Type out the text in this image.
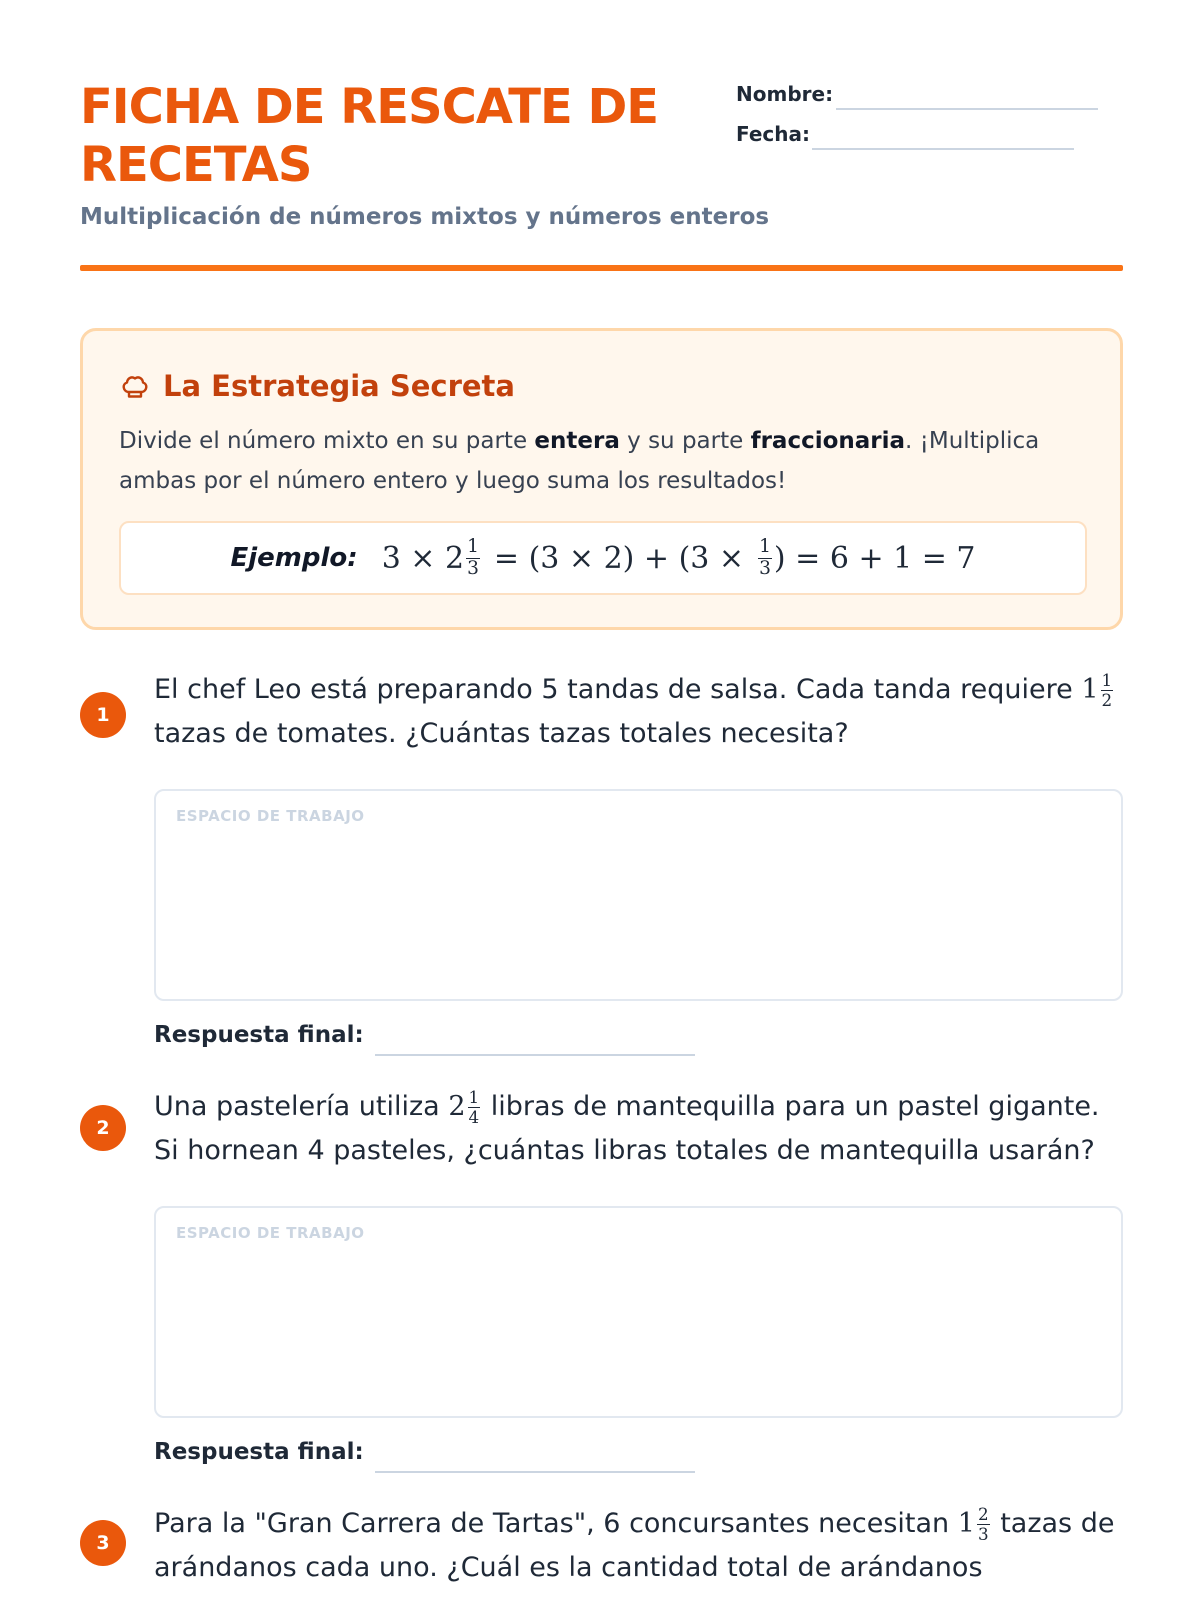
FICHA DE RESCATE DE RECETAS
Multiplicación de números mixtos y números enteros
Nombre:
Fecha:
La Estrategia Secreta
Divide el número mixto en su parte entera y su parte fraccionaria. ¡Multiplica ambas por el número entero y luego suma los resultados!
Ejemplo: $3 \times 2 \frac{1}{3} = (3 \times 2) + (3 \times \frac{1}{3}$ ) = 6 + 1 = 7
1

El chef Leo está preparando 5 tandas de salsa. Cada tanda requiere $1 \frac{1}{2}$
tazas de tomates. ¿Cuántas tazas totales necesita?

ESPACIO DE TRABAJO
Respuesta final:
2

Una pastelería utiliza $2 \frac{1}{4}$ libras de mantequilla para un pastel gigante. Si hornean 4 pasteles, ¿cuántas libras totales de mantequilla usarán?

ESPACIO DE TRABAJO
Respuesta final:
3

Para la "Gran Carrera de Tartas", 6 concursantes necesitan $1 \frac{2}{3}$ tazas de arándanos cada uno. ¿Cuál es la cantidad total de arándanos
